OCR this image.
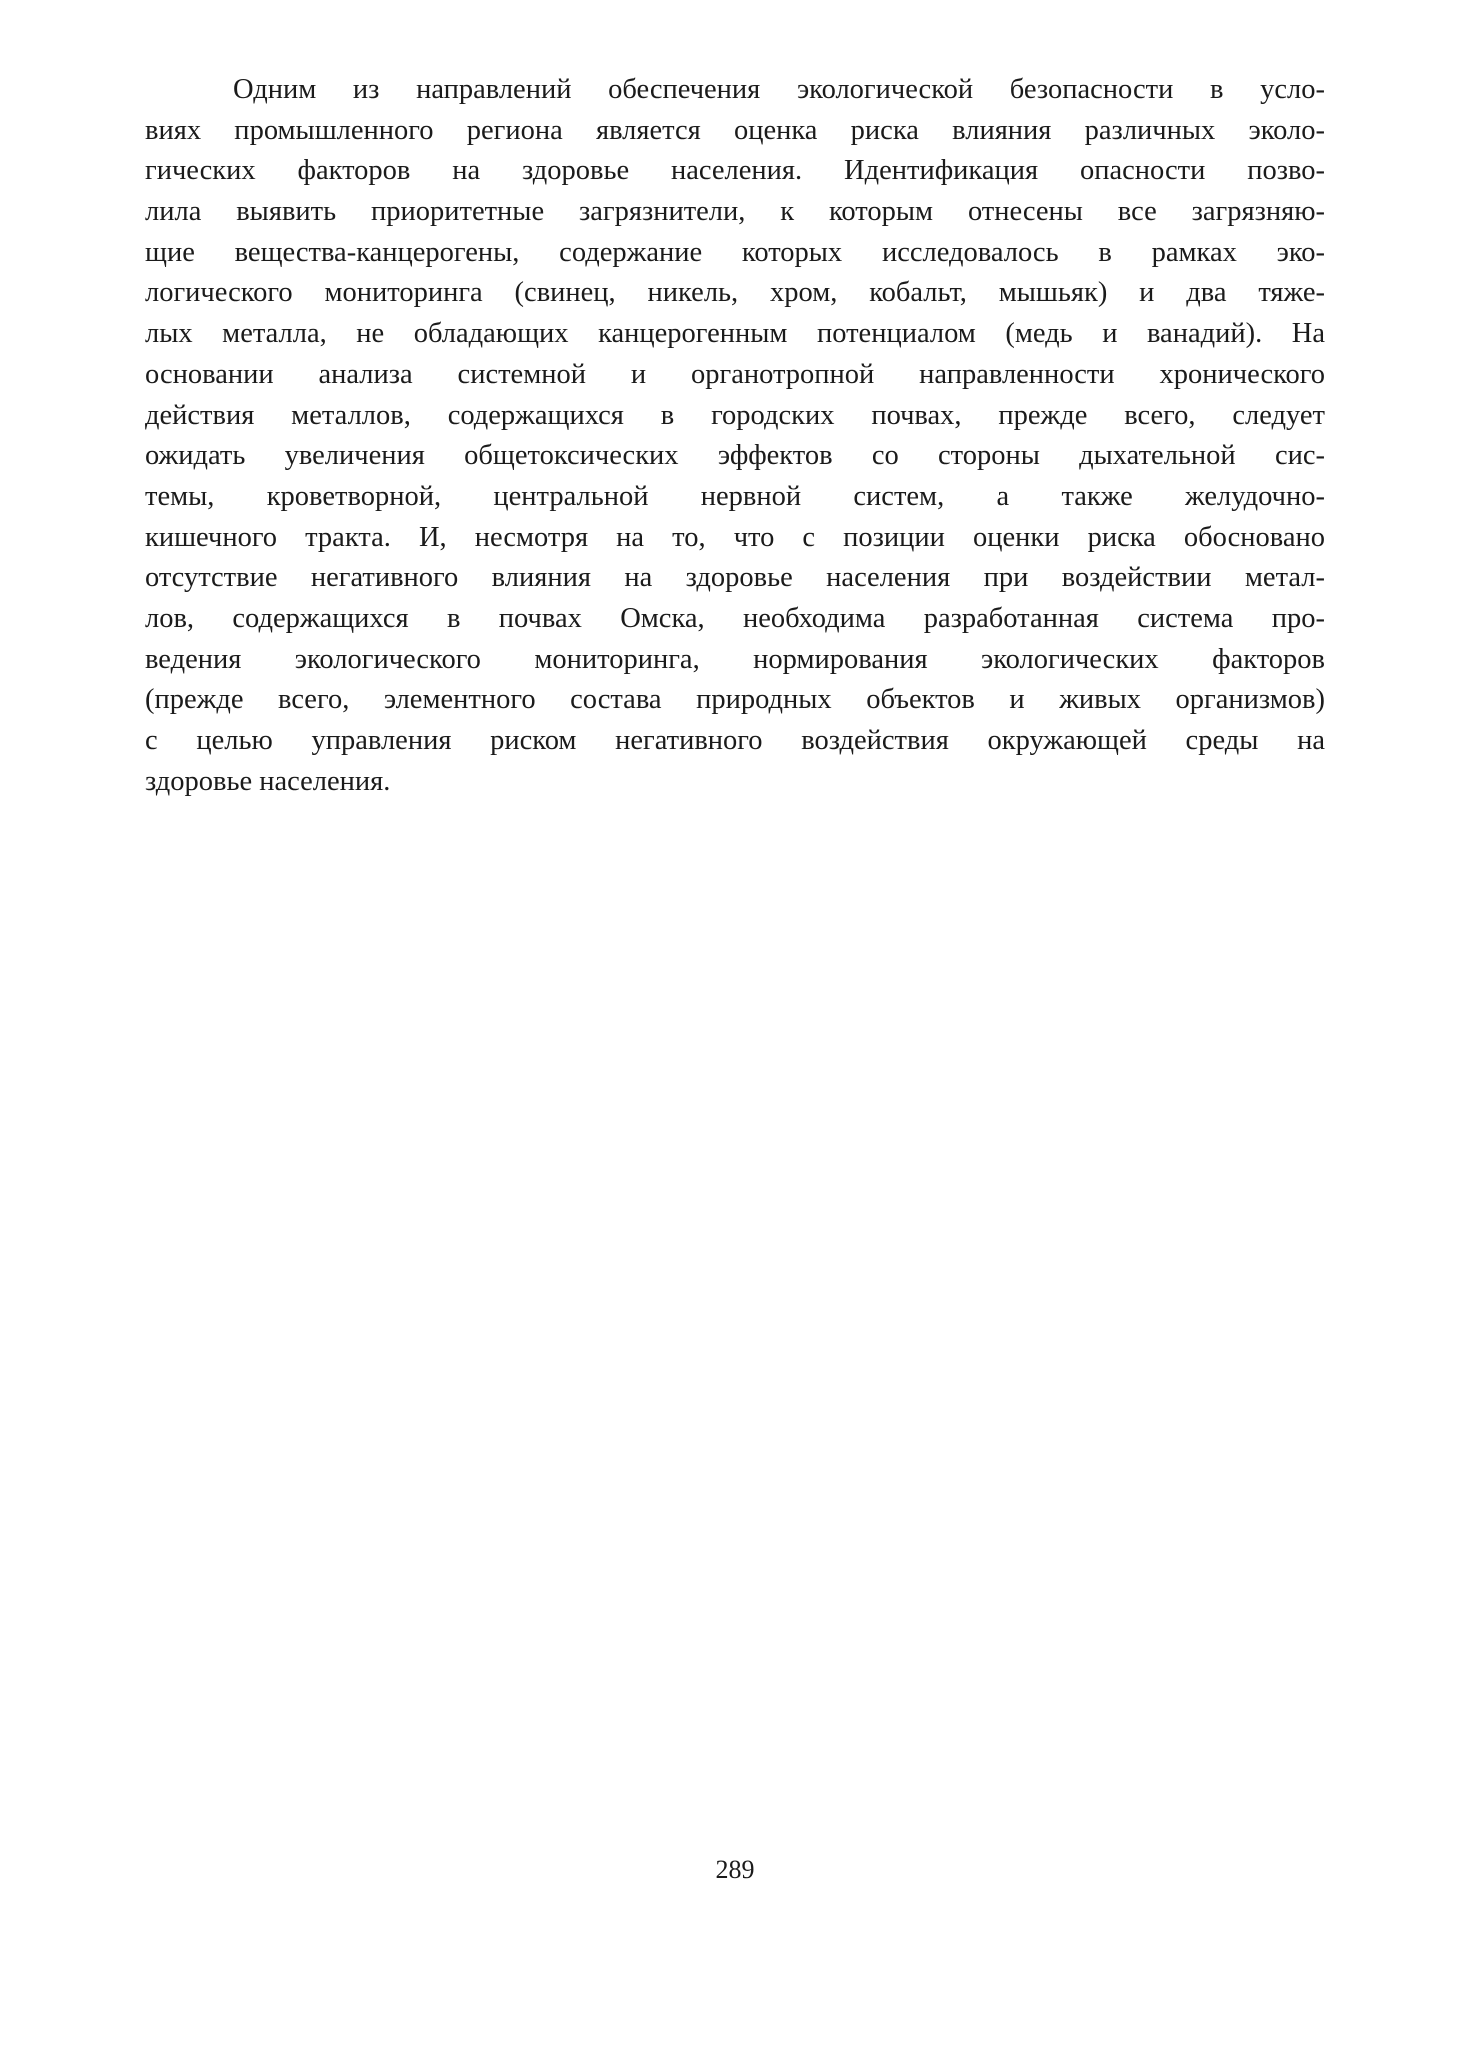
Одним из направлений обеспечения экологической безопасности в усло-
виях промышленного региона является оценка риска влияния различных эколо-
гических факторов на здоровье населения. Идентификация опасности позво-
лила выявить приоритетные загрязнители, к которым отнесены все загрязняю-
щие вещества-канцерогены, содержание которых исследовалось в рамках эко-
логического мониторинга (свинец, никель, хром, кобальт, мышьяк) и два тяже-
лых металла, не обладающих канцерогенным потенциалом (медь и ванадий). На
основании анализа системной и органотропной направленности хронического
действия металлов, содержащихся в городских почвах, прежде всего, следует
ожидать увеличения общетоксических эффектов со стороны дыхательной сис-
темы, кроветворной, центральной нервной систем, а также желудочно-
кишечного тракта. И, несмотря на то, что с позиции оценки риска обосновано
отсутствие негативного влияния на здоровье населения при воздействии метал-
лов, содержащихся в почвах Омска, необходима разработанная система про-
ведения экологического мониторинга, нормирования экологических факторов
(прежде всего, элементного состава природных объектов и живых организмов)
с целью управления риском негативного воздействия окружающей среды на
здоровье населения.
289
